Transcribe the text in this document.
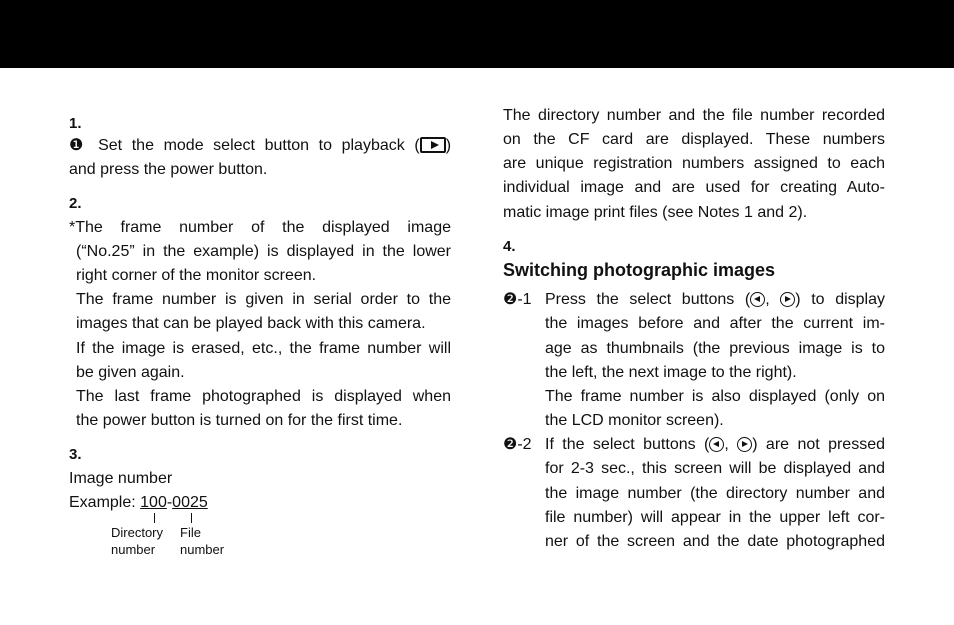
1.
❶ Set the mode select button to playback ( )
and press the power button.
2.
*The frame number of the displayed image
(“No.25” in the example) is displayed in the lower
right corner of the monitor screen.
The frame number is given in serial order to the
images that can be played back with this camera.
If the image is erased, etc., the frame number will
be given again.
The last frame photographed is displayed when
the power button is turned on for the first time.
3.
Image number
Example: 100-0025
Directory
number
File
number
The directory number and the file number recorded
on the CF card are displayed. These numbers
are unique registration numbers assigned to each
individual image and are used for creating Auto-
matic image print files (see Notes 1 and 2).
4.
Switching photographic images
❷-1 Press the select buttons ( , ) to display
the images before and after the current im-
age as thumbnails (the previous image is to
the left, the next image to the right).
The frame number is also displayed (only on
the LCD monitor screen).
❷-2 If the select buttons ( , ) are not pressed
for 2-3 sec., this screen will be displayed and
the image number (the directory number and
file number) will appear in the upper left cor-
ner of the screen and the date photographed
